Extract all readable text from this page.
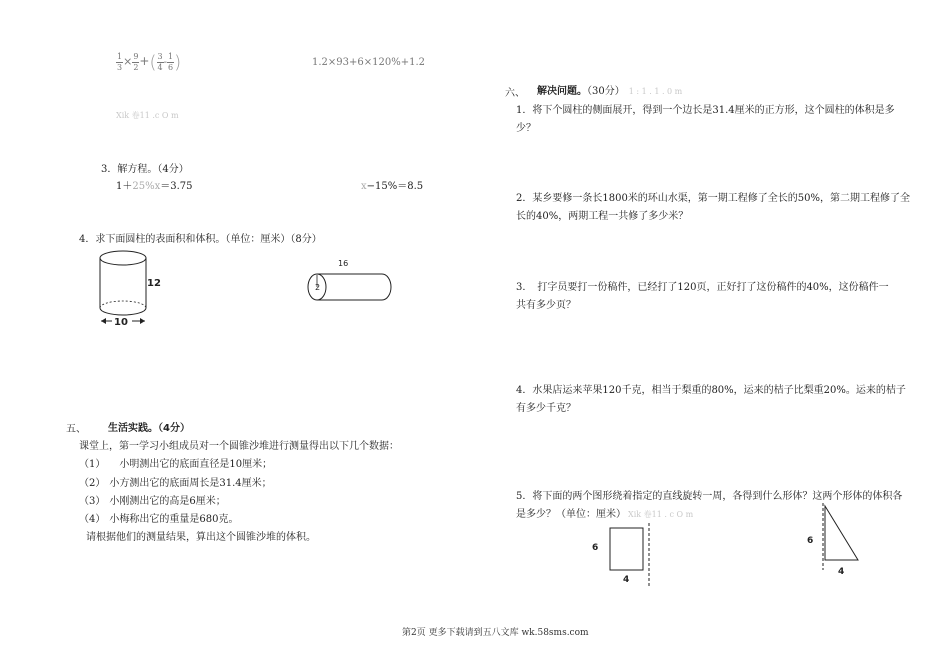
$\frac{1}{3} \times \frac{9}{2}$ +( $\frac{3}{4} - \frac{1}{6}$ )	1.2×93+6×120%+1.2
Xik 卷11 .c O m
3．解方程。（4分）
1＋25%x＝3.75	x−15%＝8.5
4．求下面圆柱的表面积和体积。（单位：厘米）（8分）
12
10
16
2
五、 生活实践。（4分）
课堂上，第一学习小组成员对一个圆锥沙堆进行测量得出以下几个数据：
（1） 小明测出它的底面直径是10厘米；
（2） 小方测出它的底面周长是31.4厘米；
（3） 小刚测出它的高是6厘米；
（4） 小梅称出它的重量是680克。
请根据他们的测量结果，算出这个圆锥沙堆的体积。
六、 解决问题。（30分） 1 : 1 . 1 . 0 m
1．将下个圆柱的侧面展开，得到一个边长是31.4厘米的正方形，这个圆柱的体积是多
少？
2．某乡要修一条长1800米的环山水渠，第一期工程修了全长的50%，第二期工程修了全
长的40%，两期工程一共修了多少米？
3．　打字员要打一份稿件，已经打了120页，正好打了这份稿件的40%，这份稿件一
共有多少页？
4．水果店运来苹果120千克，相当于梨重的80%，运来的桔子比梨重20%。运来的桔子
有多少千克？
5．将下面的两个图形绕着指定的直线旋转一周，各得到什么形体？这两个形体的体积各
是多少？（单位：厘米） Xik 卷11 . c O m
6
4
6
4
第2页 更多下载请到五八文库 wk.58sms.com
